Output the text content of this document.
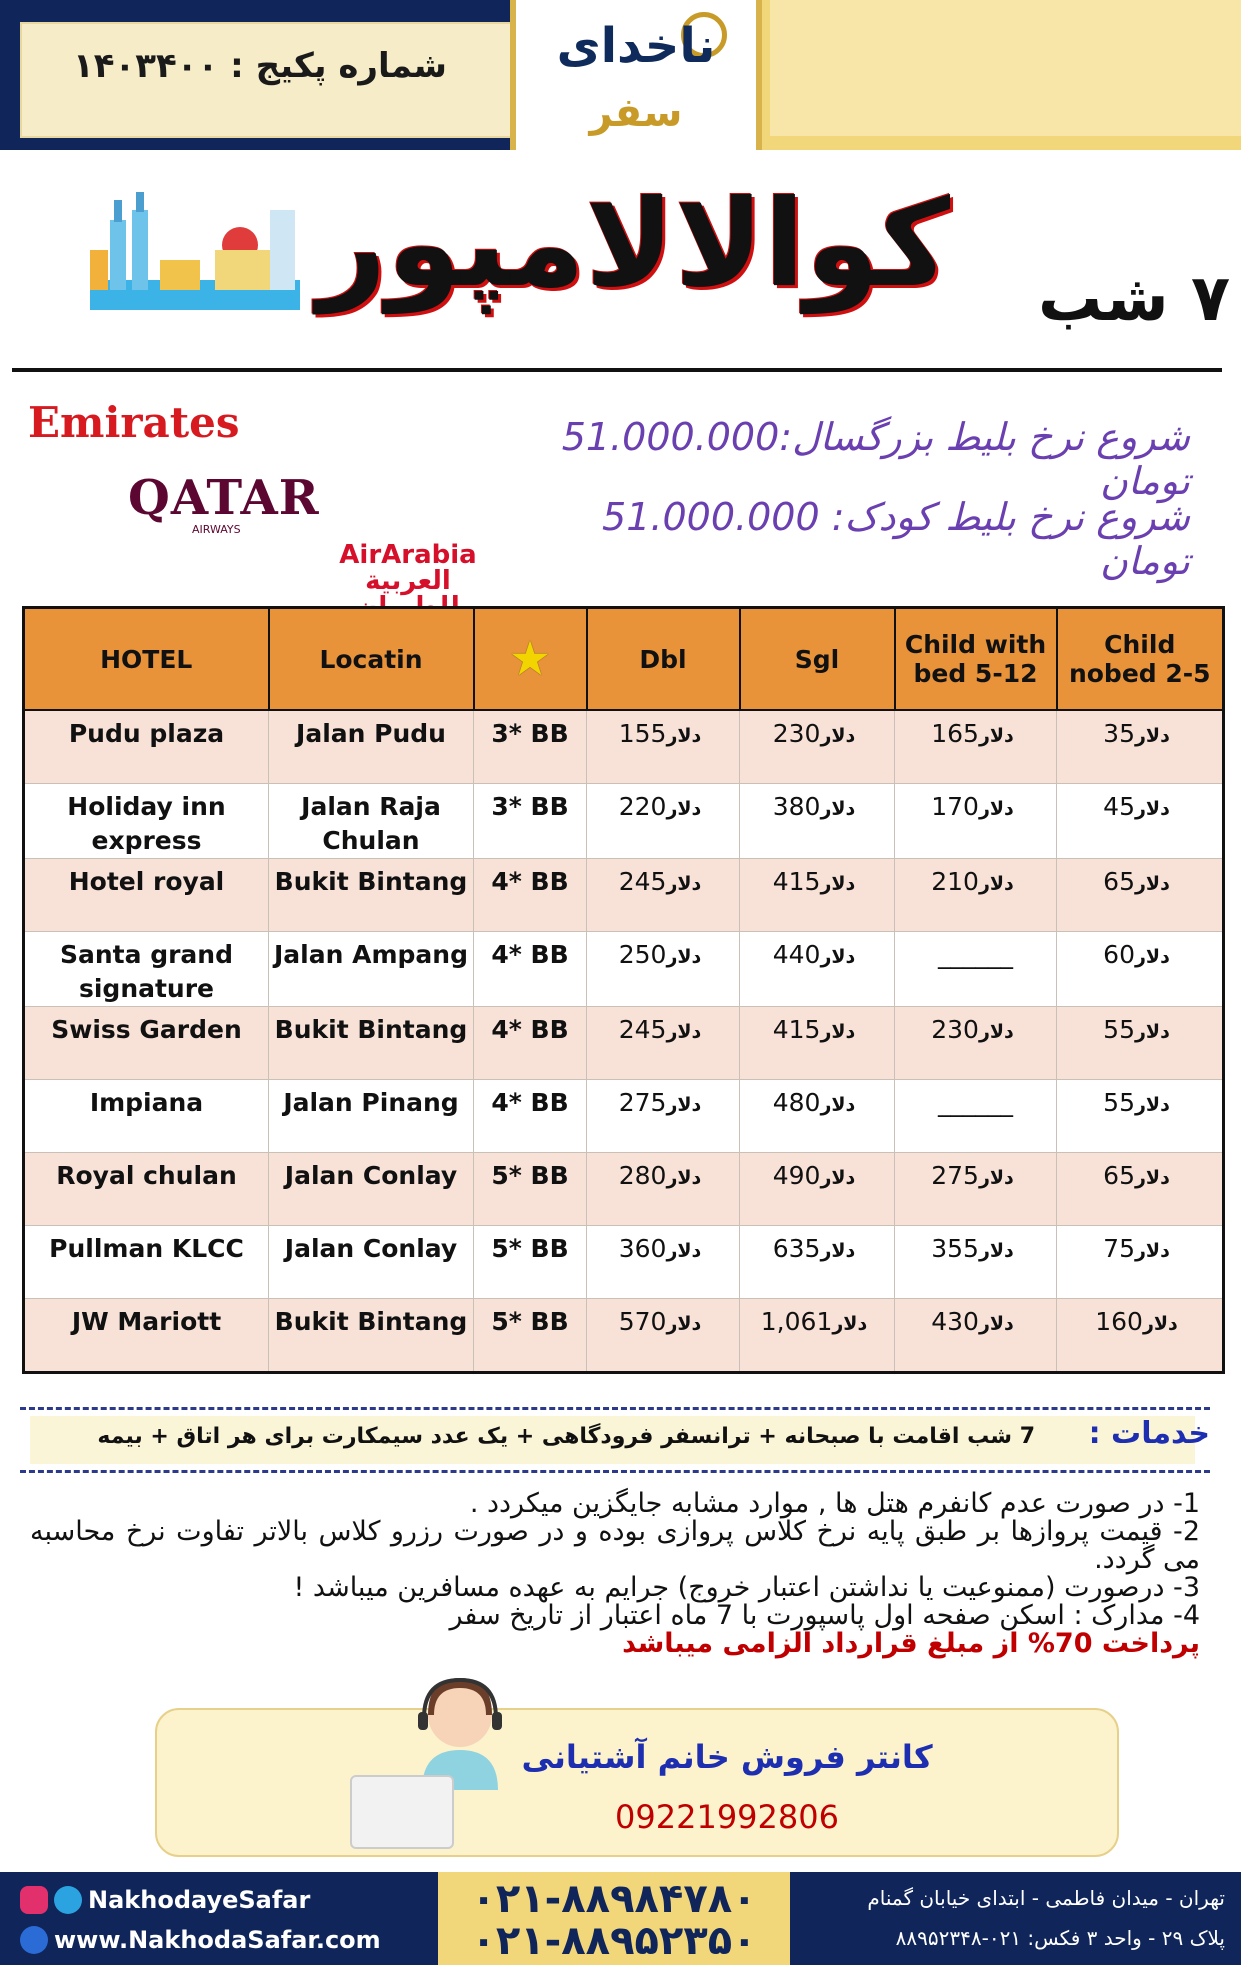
شماره پکیج : ۱۴۰۳۴۰۰	ناخدای
سفر
کوالالامپور	۷ شب
Emirates
QATAR
AIRWAYS
AirArabia
العربية
شروع نرخ بلیط بزرگسال:51.000.000 تومان
شروع نرخ بلیط کودک: 51.000.000 تومان
HOTEL	Locatin	★	Dbl	Sgl	Child with bed 5-12	Child nobed 2-5
Pudu plaza	Jalan Pudu	3* BB	دلار155	دلار230	دلار165	دلار35
Holiday inn express	Jalan Raja Chulan	3* BB	دلار220	دلار380	دلار170	دلار45
Hotel royal	Bukit Bintang	4* BB	دلار245	دلار415	دلار210	دلار65
Santa grand signature	Jalan Ampang	4* BB	دلار250	دلار440	______	دلار60
Swiss Garden	Bukit Bintang	4* BB	دلار245	دلار415	دلار230	دلار55
Impiana	Jalan Pinang	4* BB	دلار275	دلار480	______	دلار55
Royal chulan	Jalan Conlay	5* BB	دلار280	دلار490	دلار275	دلار65
Pullman KLCC	Jalan Conlay	5* BB	دلار360	دلار635	دلار355	دلار75
JW Mariott	Bukit Bintang	5* BB	دلار570	دلار1,061	دلار430	دلار160
خدمات :
7 شب اقامت با صبحانه + ترانسفر فرودگاهی + یک عدد سیمکارت برای هر اتاق + بیمه
1- در صورت عدم کانفرم هتل ها , موارد مشابه جایگزین میکردد .
2- قیمت پروازها بر طبق پایه نرخ کلاس پروازی بوده و در صورت رزرو کلاس بالاتر تفاوت نرخ محاسبه می گردد.
3- درصورت (ممنوعیت یا نداشتن اعتبار خروج) جرایم به عهده مسافرین میباشد !
4- مدارک : اسکن صفحه اول پاسپورت با 7 ماه اعتبار از تاریخ سفر
پرداخت 70% از مبلغ قرارداد الزامی میباشد
کانتر فروش خانم آشتیانی
09221992806
NakhodayeSafar
www.NakhodaSafar.com
۰۲۱-۸۸۹۸۴۷۸۰
۰۲۱-۸۸۹۵۲۳۵۰
تهران - میدان فاطمی - ابتدای خیابان گمنام
پلاک ۲۹ - واحد ۳ فکس: ۰۲۱-۸۸۹۵۲۳۴۸
